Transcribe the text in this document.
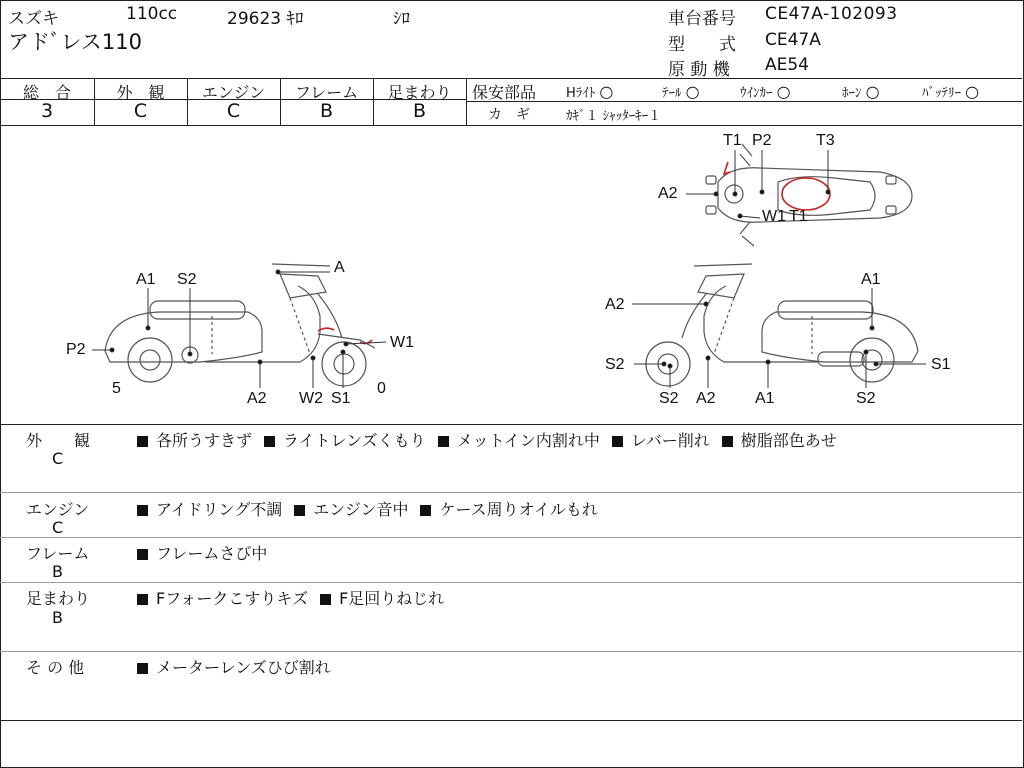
スズキ	110cc	29623 ｷﾛ	ｼﾛ
アドﾞレス110
車台番号 CE47A-102093
型　　式 CE47A
原 動 機 AE54
総　合	外　観	エンジン	フレーム	足まわり
3	C	C	B	B
保安部品 Hﾗｲﾄ ○	ﾃｰﾙ ○	ｳｲﾝｶｰ ○	ﾎｰﾝ ○	ﾊﾞｯﾃﾘｰ ○
カ　ギ	ｶｷﾞ１ ｼｬｯﾀｰｷｰ１
A1 S2
A
P2	W1
5
A2 W2 S1
0
A2
A1
S2	S1
S2 A2 A1	S2
T1 P2	T3
A2
W1 T1
外　　観
C
各所うすきず ライトレンズくもり メットイン内割れ中 レバー削れ 樹脂部色あせ
エンジン
C
アイドリング不調 エンジン音中 ケース周りオイルもれ
フレーム
B
フレームさび中
足まわり
B
Fフォークこすりキズ F足回りねじれ
そ の 他	メーターレンズひび割れ
